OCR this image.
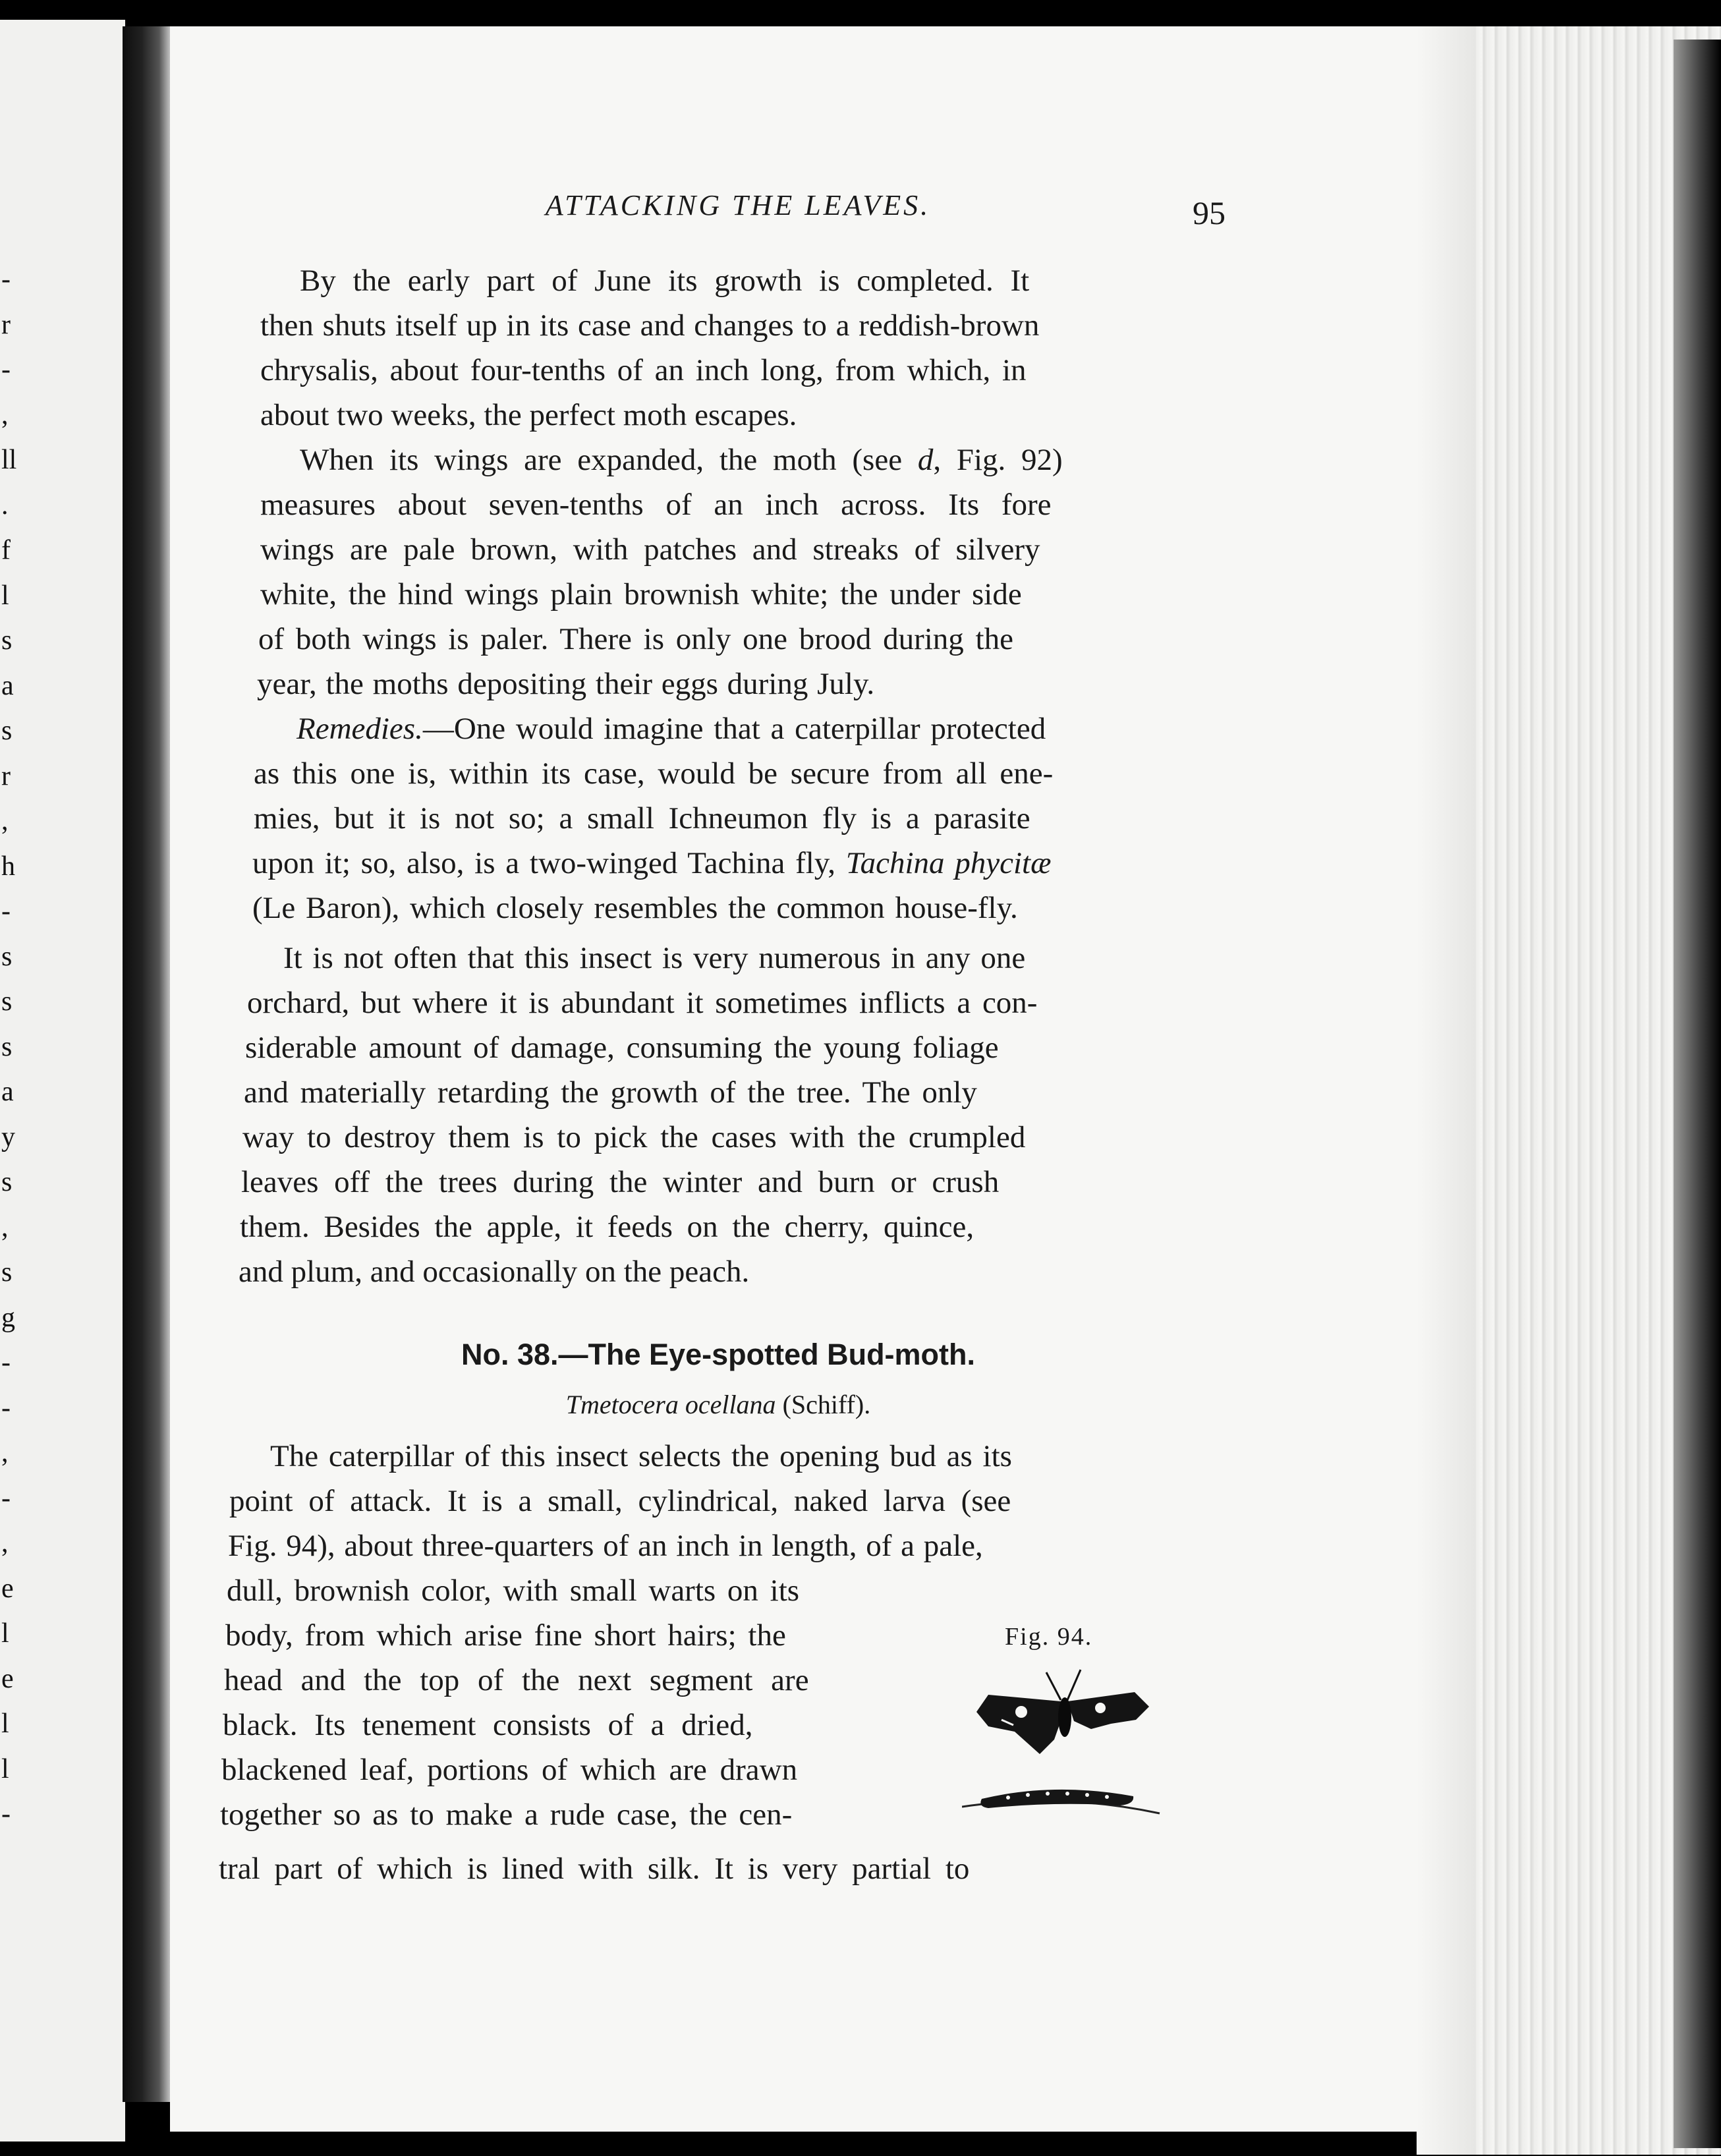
-
r
-
,
ll
.
f
l
s
a
s
r
,
h
-
s
s
s
a
y
s
,
s
g
-
-
,
-
,
e
l
e
l
l
-
ATTACKING THE LEAVES.	95
By the early part of June its growth is completed. It
then shuts itself up in its case and changes to a reddish-brown
chrysalis, about four-tenths of an inch long, from which, in
about two weeks, the perfect moth escapes.
When its wings are expanded, the moth (see d, Fig. 92)
measures about seven-tenths of an inch across. Its fore
wings are pale brown, with patches and streaks of silvery
white, the hind wings plain brownish white; the under side
of both wings is paler. There is only one brood during the
year, the moths depositing their eggs during July.
Remedies.—One would imagine that a caterpillar protected
as this one is, within its case, would be secure from all ene-
mies, but it is not so; a small Ichneumon fly is a parasite
upon it; so, also, is a two-winged Tachina fly, Tachina phycitæ
(Le Baron), which closely resembles the common house-fly.
It is not often that this insect is very numerous in any one
orchard, but where it is abundant it sometimes inflicts a con-
siderable amount of damage, consuming the young foliage
and materially retarding the growth of the tree. The only
way to destroy them is to pick the cases with the crumpled
leaves off the trees during the winter and burn or crush
them. Besides the apple, it feeds on the cherry, quince,
and plum, and occasionally on the peach.
No. 38.—The Eye-spotted Bud-moth.
Tmetocera ocellana (Schiff).
The caterpillar of this insect selects the opening bud as its
point of attack. It is a small, cylindrical, naked larva (see
Fig. 94), about three-quarters of an inch in length, of a pale,
dull, brownish color, with small warts on its
body, from which arise fine short hairs; the
head and the top of the next segment are
black. Its tenement consists of a dried,
blackened leaf, portions of which are drawn
together so as to make a rude case, the cen-
tral part of which is lined with silk. It is very partial to
Fig. 94.
